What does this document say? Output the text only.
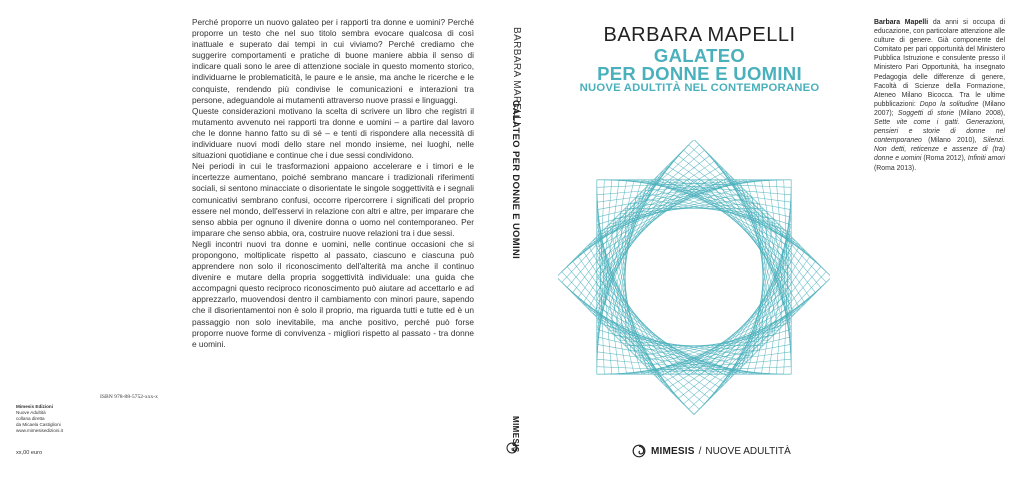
Perché proporre un nuovo galateo per i rapporti tra donne e uomini? Perché proporre un testo che nel suo titolo sembra evocare qualcosa di così inattuale e superato dai tempi in cui viviamo? Perché crediamo che suggerire comportamenti e pratiche di buone maniere abbia il senso di indicare quali sono le aree di attenzione sociale in questo momento storico, individuarne le problematicità, le paure e le ansie, ma anche le ricerche e le conquiste, rendendo più condivise le comunicazioni e interazioni tra persone, adeguandole ai mutamenti attraverso nuove prassi e linguaggi.

Queste considerazioni motivano la scelta di scrivere un libro che registri il mutamento avvenuto nei rapporti tra donne e uomini – a partire dal lavoro che le donne hanno fatto su di sé – e tenti di rispondere alla necessità di individuare nuovi modi dello stare nel mondo insieme, nei luoghi, nelle situazioni quotidiane e continue che i due sessi condividono.

Nei periodi in cui le trasformazioni appaiono accelerare e i timori e le incertezze aumentano, poiché sembrano mancare i tradizionali riferimenti sociali, si sentono minacciate o disorientate le singole soggettività e i segnali comunicativi sembrano confusi, occorre ripercorrere i significati del proprio essere nel mondo, dell'esservi in relazione con altri e altre, per imparare che senso abbia per ognuno il divenire donna o uomo nel contemporaneo. Per imparare che senso abbia, ora, costruire nuove relazioni tra i due sessi.

Negli incontri nuovi tra donne e uomini, nelle continue occasioni che si propongono, moltiplicate rispetto al passato, ciascuno e ciascuna può apprendere non solo il riconoscimento dell'alterità ma anche il continuo divenire e mutare della propria soggettività individuale: una guida che accompagni questo reciproco riconoscimento può aiutare ad accettarlo e ad apprezzarlo, muovendosi dentro il cambiamento con minori paure, sapendo che il disorientamentoi non è solo il proprio, ma riguarda tutti e tutte ed è un passaggio non solo inevitabile, ma anche positivo, perché può forse proporre nuove forme di convivenza - migliori rispetto al passato - tra donne e uomini.

ISBN 978-88-5752-xxx-x
Mimesis Edizioni
Nuove Adultità
collana diretta
da Micaela Castiglioni
www.mimesisedizioni.it
xx,00 euro
BARBARA MAPELLI
GALATEO PER DONNE E UOMINI
MIMESIS
BARBARA MAPELLI
GALATEO
PER DONNE E UOMINI
NUOVE ADULTITÀ NEL CONTEMPORANEO
MIMESIS / NUOVE ADULTITÀ
Barbara Mapelli da anni si occupa di educazione, con particolare attenzione alle culture di genere. Già componente del Comitato per pari opportunità del Ministero Pubblica Istruzione e consulente presso il Ministero Pari Opportunità, ha insegnato Pedagogia delle differenze di genere, Facoltà di Scienze della Formazione, Ateneo Milano Bicocca. Tra le ultime pubblicazioni: Dopo la solitudine (Milano 2007); Soggetti di storie (Milano 2008), Sette vite come i gatti. Generazioni, pensieri e storie di donne nel contemporaneo (Milano 2010), Silenzi. Non detti, reticenze e assenze di (tra) donne e uomini (Roma 2012), Infiniti amori (Roma 2013).
